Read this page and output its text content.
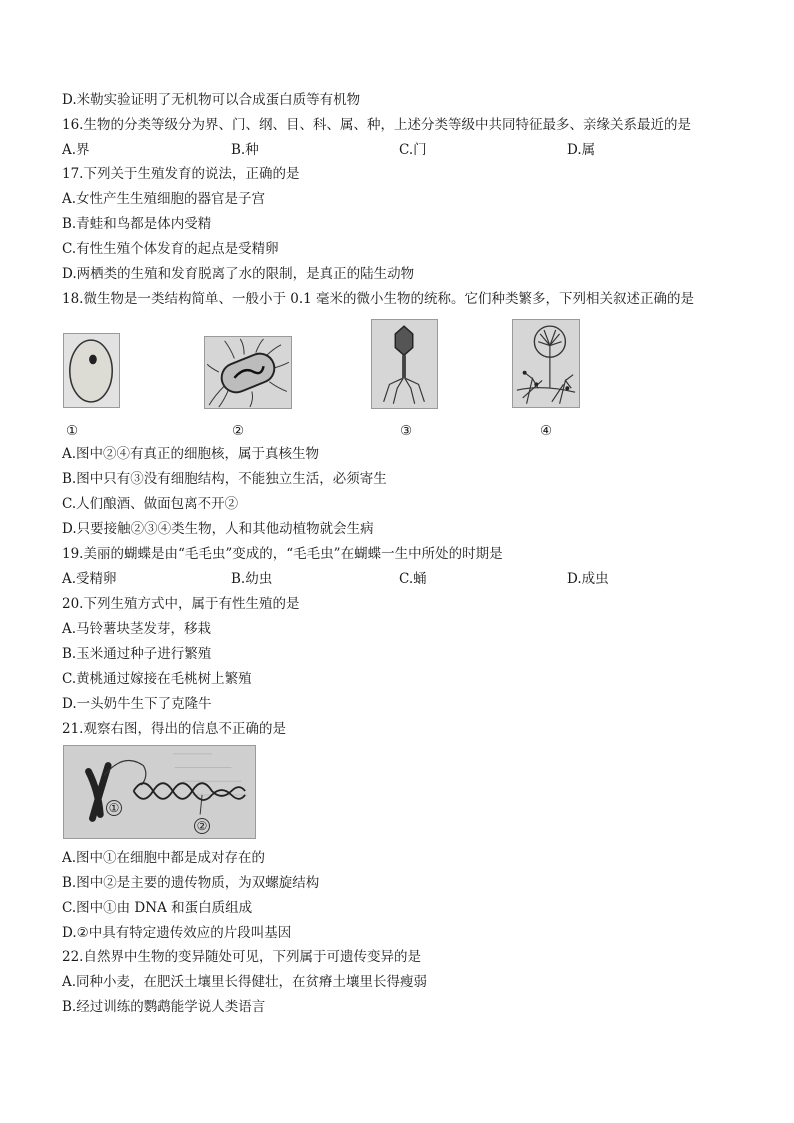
D.米勒实验证明了无机物可以合成蛋白质等有机物
16.生物的分类等级分为界、门、纲、目、科、属、种，上述分类等级中共同特征最多、亲缘关系最近的是
A.界	B.种	C.门	D.属
17.下列关于生殖发育的说法，正确的是
A.女性产生生殖细胞的器官是子宫
B.青蛙和鸟都是体内受精
C.有性生殖个体发育的起点是受精卵
D.两栖类的生殖和发育脱离了水的限制，是真正的陆生动物
18.微生物是一类结构简单、一般小于 0.1 毫米的微小生物的统称。它们种类繁多，下列相关叙述正确的是
①	②	③	④
A.图中②④有真正的细胞核，属于真核生物
B.图中只有③没有细胞结构，不能独立生活，必须寄生
C.人们酿酒、做面包离不开②
D.只要接触②③④类生物，人和其他动植物就会生病
19.美丽的蝴蝶是由“毛毛虫”变成的，“毛毛虫”在蝴蝶一生中所处的时期是
A.受精卵	B.幼虫	C.蛹	D.成虫
20.下列生殖方式中，属于有性生殖的是
A.马铃薯块茎发芽，移栽
B.玉米通过种子进行繁殖
C.黄桃通过嫁接在毛桃树上繁殖
D.一头奶牛生下了克隆牛
21.观察右图，得出的信息不正确的是
①
②
A.图中①在细胞中都是成对存在的
B.图中②是主要的遗传物质，为双螺旋结构
C.图中①由 DNA 和蛋白质组成
D.②中具有特定遗传效应的片段叫基因
22.自然界中生物的变异随处可见，下列属于可遗传变异的是
A.同种小麦，在肥沃土壤里长得健壮，在贫瘠土壤里长得瘦弱
B.经过训练的鹦鹉能学说人类语言
